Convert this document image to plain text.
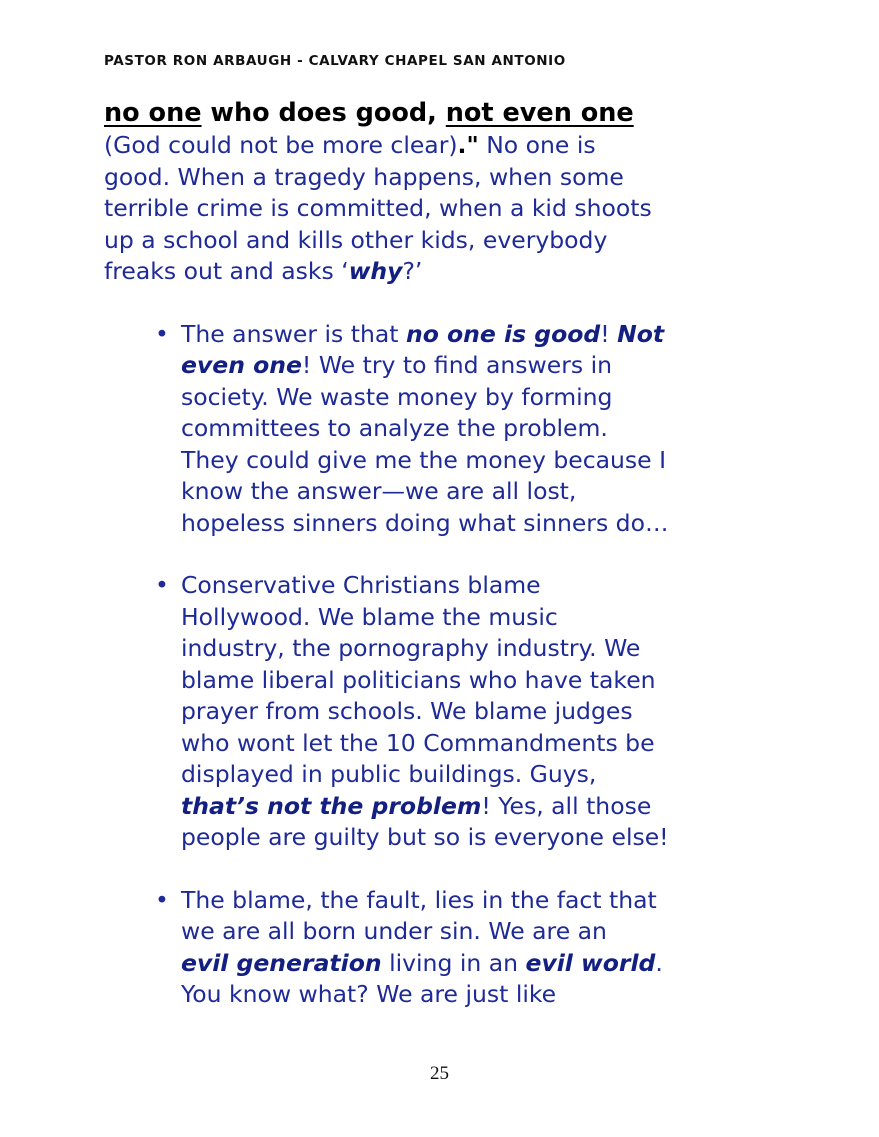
PASTOR RON ARBAUGH - CALVARY CHAPEL SAN ANTONIO
no one who does good, not even one

(God could not be more clear)." No one is
good. When a tragedy happens, when some
terrible crime is committed, when a kid shoots
up a school and kills other kids, everybody
freaks out and asks ‘why?’

• The answer is that no one is good! Not
even one! We try to find answers in
society. We waste money by forming
committees to analyze the problem.
They could give me the money because I
know the answer—we are all lost,
hopeless sinners doing what sinners do…
• Conservative Christians blame
Hollywood. We blame the music
industry, the pornography industry. We
blame liberal politicians who have taken
prayer from schools. We blame judges
who wont let the 10 Commandments be
displayed in public buildings. Guys,
that’s not the problem! Yes, all those
people are guilty but so is everyone else!
• The blame, the fault, lies in the fact that
we are all born under sin. We are an
evil generation living in an evil world.
You know what? We are just like
25
